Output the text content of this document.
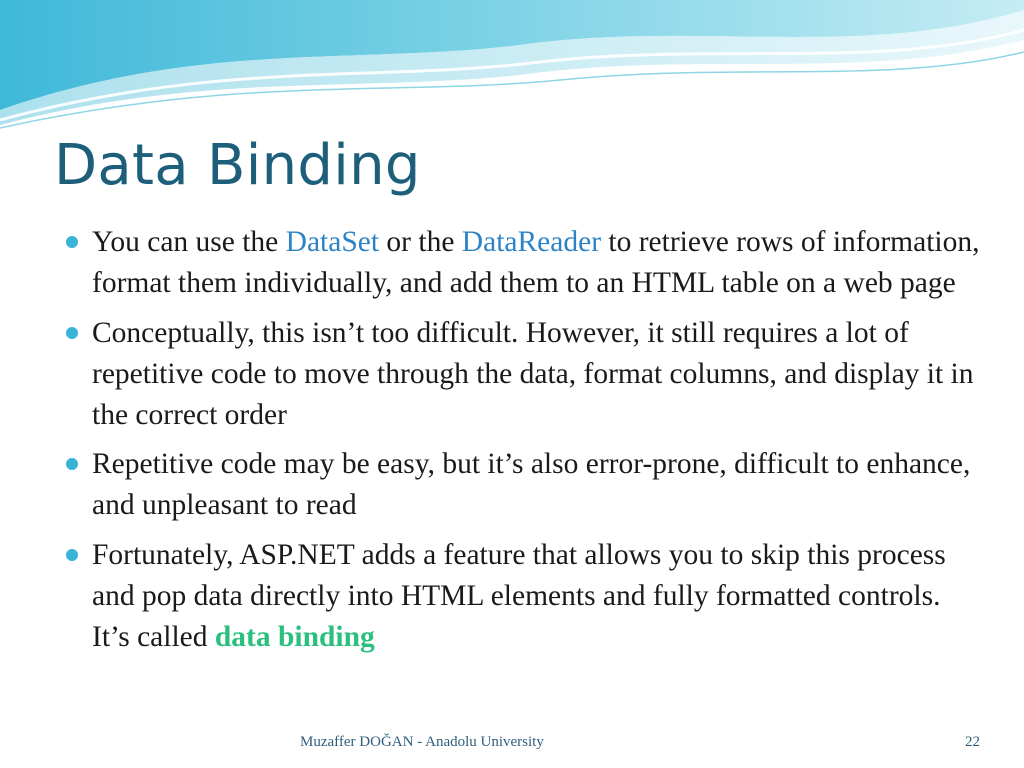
Data Binding
You can use the DataSet or the DataReader to retrieve rows of information, format them individually, and add them to an HTML table on a web page
Conceptually, this isn’t too difficult. However, it still requires a lot of repetitive code to move through the data, format columns, and display it in the correct order
Repetitive code may be easy, but it’s also error-prone, difficult to enhance, and unpleasant to read
Fortunately, ASP.NET adds a feature that allows you to skip this process and pop data directly into HTML elements and fully formatted controls. It’s called data binding
Muzaffer DOĞAN - Anadolu University	22
